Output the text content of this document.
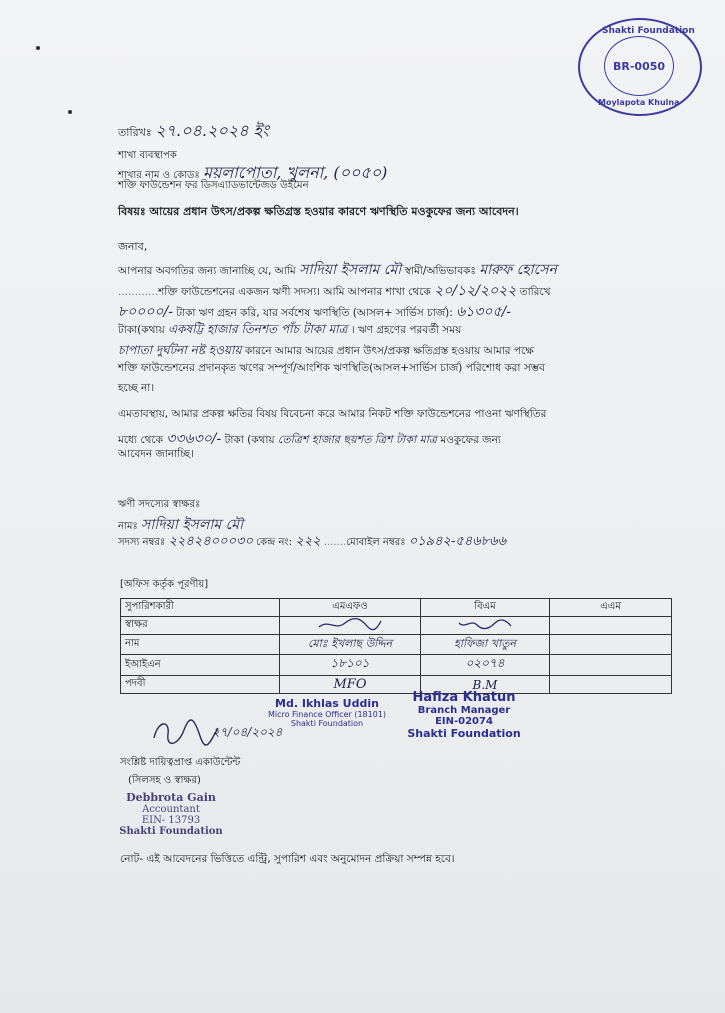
Shakti Foundation
BR-0050
Moylapota Khulna
তারিখঃ ২৭.০৪.২০২৪ ইং
শাখা ব্যবস্থাপক
শাখার নাম ও কোডঃ ময়লাপোতা, খুলনা, (০০৫০)
শক্তি ফাউন্ডেশন ফর ডিসএ্যাডভান্টেজড উইমেন
বিষয়ঃ আয়ের প্রধান উৎস/প্রকল্প ক্ষতিগ্রস্ত হওয়ার কারণে ঋণস্থিতি মওকুফের জন্য আবেদন।
জনাব,
আপনার অবগতির জন্য জানাচ্ছি যে, আমি সাদিয়া ইসলাম মৌ স্বামী/অভিভাবকঃ মারুফ হোসেন
............শক্তি ফাউন্ডেশনের একজন ঋণী সদস্য। আমি আপনার শাখা থেকে ২০/১২/২০২২ তারিখে
৮০০০০/- টাকা ঋণ গ্রহন করি, যার সর্বশেষ ঋণস্থিতি (আসল+ সার্ভিস চার্জ): ৬১৩০৫/-
টাকা(কথায় একষট্টি হাজার তিনশত পাঁচ টাকা মাত্র । ঋণ গ্রহণের পরবর্তী সময়
চাপাতা দুর্ঘটনা নষ্ট হওয়ায় কারনে আমার আয়ের প্রধান উৎস/প্রকল্প ক্ষতিগ্রস্ত হওয়ায় আমার পক্ষে
শক্তি ফাউন্ডেশনের প্রদানকৃত ঋণের সম্পূর্ণ/আংশিক ঋণস্থিতি(আসল+সার্ভিস চার্জ) পরিশোধ করা সম্ভব
হচ্ছে না।
এমতাবস্থায়, আমার প্রকল্প ক্ষতির বিষয় বিবেচনা করে আমার নিকট শক্তি ফাউন্ডেশনের পাওনা ঋণস্থিতির
মধ্যে থেকে ৩৩৬৩০/- টাকা (কথায় তেত্রিশ হাজার ছয়শত ত্রিশ টাকা মাত্র মওকুফের জন্য
আবেদন জানাচ্ছি।
ঋণী সদস্যের স্বাক্ষরঃ
নামঃ সাদিয়া ইসলাম মৌ
সদস্য নম্বরঃ ২২৪২৪০০০৩০ কেন্দ্র নং: ২২২ .......মোবাইল নম্বরঃ ০১৯৪২-৫৪৬৮৬৬
[অফিস কর্তৃক পূরণীয়]
সুপারিশকারী	এমএফও	বিএম	এএম
স্বাক্ষর			
নাম	মোঃ ইখলাছ উদ্দিন	হাফিজা খাতুন	
ইআইএন	১৮১০১	০২০৭৪	
পদবী	MFO	B.M	
Md. Ikhlas Uddin
Micro Finance Officer (18101)
Shakti Foundation
Hafiza Khatun
Branch Manager
EIN-02074
Shakti Foundation
২৭/০৪/২০২৪
সংশ্লিষ্ট দায়িত্বপ্রাপ্ত একাউন্টেন্ট
(সিলসহ ও স্বাক্ষর)
Debbrota Gain
Accountant
EIN- 13793
Shakti Foundation
নোট- এই আবেদনের ভিত্তিতে এন্ট্রি, সুপারিশ এবং অনুমোদন প্রক্রিয়া সম্পন্ন হবে।
